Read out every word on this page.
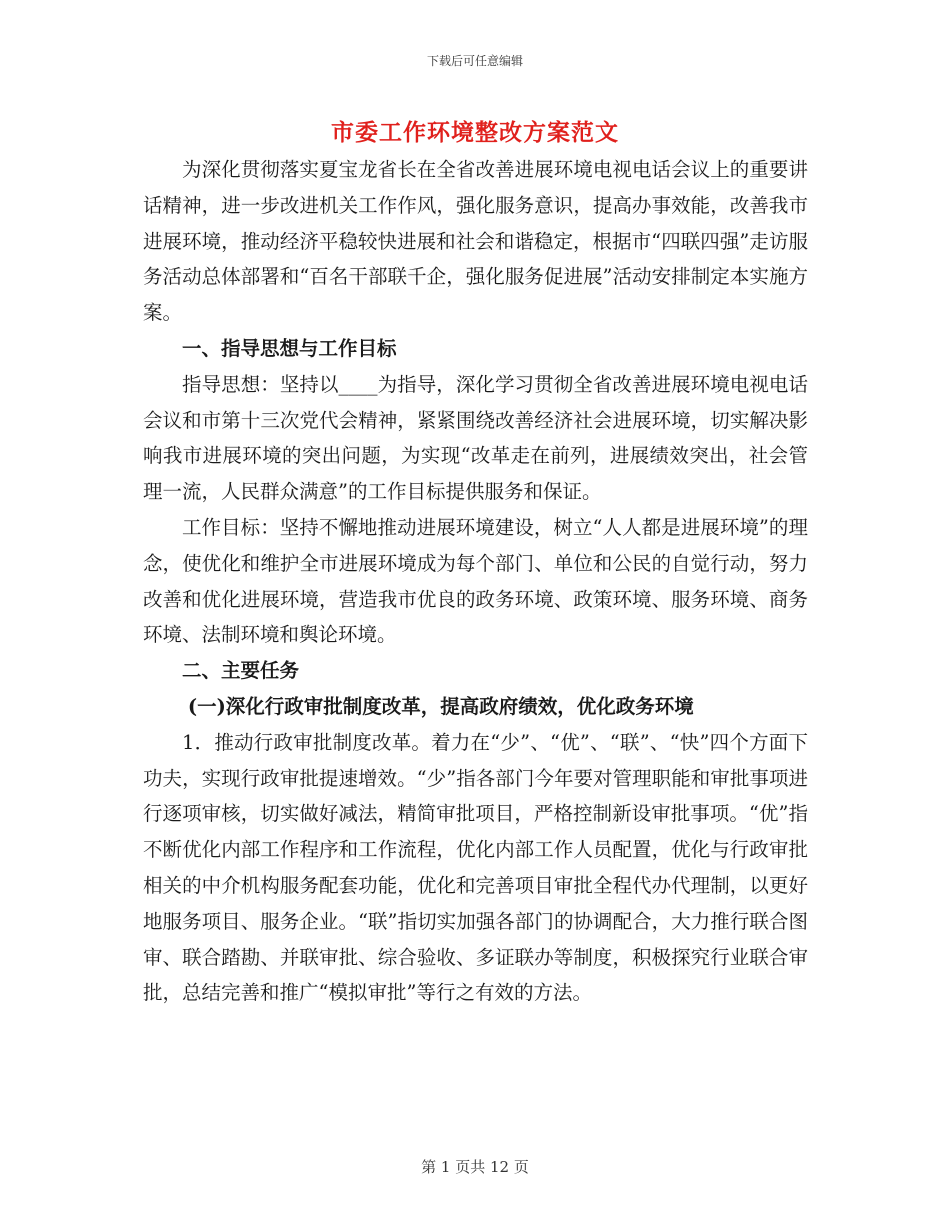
下载后可任意编辑
市委工作环境整改方案范文

为深化贯彻落实夏宝龙省长在全省改善进展环境电视电话会议上的重要讲话精神，进一步改进机关工作作风，强化服务意识，提高办事效能，改善我市进展环境，推动经济平稳较快进展和社会和谐稳定，根据市“四联四强”走访服务活动总体部署和“百名干部联千企，强化服务促进展”活动安排制定本实施方案。

一、指导思想与工作目标

指导思想：坚持以____为指导，深化学习贯彻全省改善进展环境电视电话会议和市第十三次党代会精神，紧紧围绕改善经济社会进展环境，切实解决影响我市进展环境的突出问题，为实现“改革走在前列，进展绩效突出，社会管理一流，人民群众满意”的工作目标提供服务和保证。

工作目标：坚持不懈地推动进展环境建设，树立“人人都是进展环境”的理念，使优化和维护全市进展环境成为每个部门、单位和公民的自觉行动，努力改善和优化进展环境，营造我市优良的政务环境、政策环境、服务环境、商务环境、法制环境和舆论环境。

二、主要任务

(一)深化行政审批制度改革，提高政府绩效，优化政务环境

1．推动行政审批制度改革。着力在“少”、“优”、“联”、“快”四个方面下功夫，实现行政审批提速增效。“少”指各部门今年要对管理职能和审批事项进行逐项审核，切实做好减法，精简审批项目，严格控制新设审批事项。“优”指不断优化内部工作程序和工作流程，优化内部工作人员配置，优化与行政审批相关的中介机构服务配套功能，优化和完善项目审批全程代办代理制，以更好地服务项目、服务企业。“联”指切实加强各部门的协调配合，大力推行联合图审、联合踏勘、并联审批、综合验收、多证联办等制度，积极探究行业联合审批，总结完善和推广“模拟审批”等行之有效的方法。

第 1 页共 12 页
